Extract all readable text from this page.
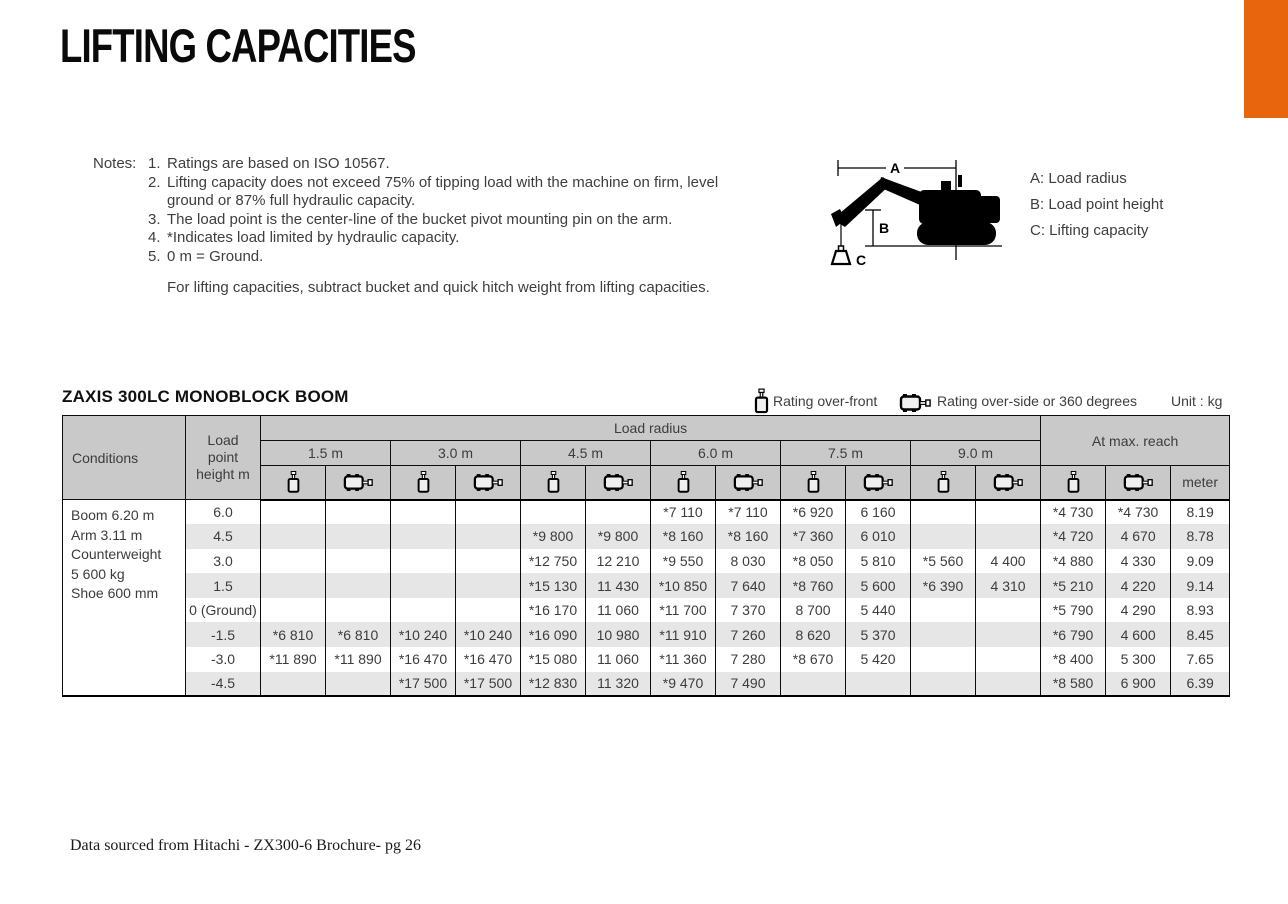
LIFTING CAPACITIES
Notes: 1. Ratings are based on ISO 10567.
2. Lifting capacity does not exceed 75% of tipping load with the machine on firm, level ground or 87% full hydraulic capacity.
3. The load point is the center-line of the bucket pivot mounting pin on the arm.
4. *Indicates load limited by hydraulic capacity.
5. 0 m = Ground.
For lifting capacities, subtract bucket and quick hitch weight from lifting capacities.
A
B
C
A: Load radius
B: Load point height
C: Lifting capacity
ZAXIS 300LC MONOBLOCK BOOM	Rating over-front	Rating over-side or 360 degrees Unit : kg
Conditions	Load point height m	Load radius												At max. reach		
		1.5 m		3.0 m		4.5 m		6.0 m		7.5 m		9.0 m				

	meter

Boom 6.20 m
Arm 3.11 m
Counterweight
5 600 kg
Shoe 600 mm	6.0							*7 110	*7 110	*6 920	6 160			*4 730	*4 730	8.19
	4.5					*9 800	*9 800	*8 160	*8 160	*7 360	6 010			*4 720	4 670	8.78
	3.0					*12 750	12 210	*9 550	8 030	*8 050	5 810	*5 560	4 400	*4 880	4 330	9.09
	1.5					*15 130	11 430	*10 850	7 640	*8 760	5 600	*6 390	4 310	*5 210	4 220	9.14
	0 (Ground)					*16 170	11 060	*11 700	7 370	8 700	5 440			*5 790	4 290	8.93
	-1.5	*6 810	*6 810	*10 240	*10 240	*16 090	10 980	*11 910	7 260	8 620	5 370			*6 790	4 600	8.45
	-3.0	*11 890	*11 890	*16 470	*16 470	*15 080	11 060	*11 360	7 280	*8 670	5 420			*8 400	5 300	7.65
	-4.5			*17 500	*17 500	*12 830	11 320	*9 470	7 490					*8 580	6 900	6.39
Data sourced from Hitachi - ZX300-6 Brochure- pg 26
